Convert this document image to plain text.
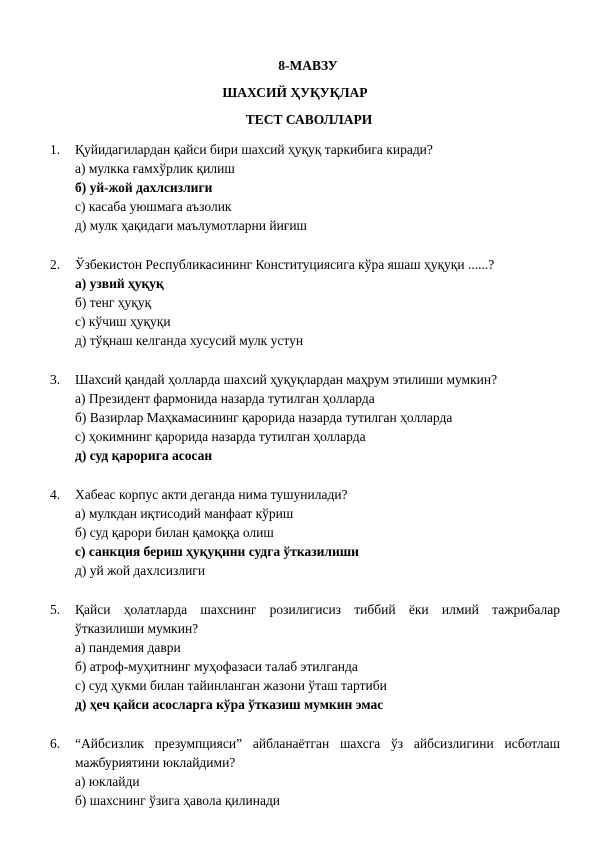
8-МАВЗУ
ШАХСИЙ ҲУҚУҚЛАР
ТЕСТ САВОЛЛАРИ
1. Қуйидагилардан қайси бири шахсий ҳуқуқ таркибига киради?
а) мулкка ғамхўрлик қилиш
б) уй-жой дахлсизлиги
с) касаба уюшмага аъзолик
д) мулк ҳақидаги маълумотларни йиғиш
2. Ўзбекистон Республикасининг Конституциясига кўра яшаш ҳуқуқи ......?
а) узвий ҳуқуқ
б) тенг ҳуқуқ
с) кўчиш ҳуқуқи
д) тўқнаш келганда хусусий мулк устун
3. Шахсий қандай ҳолларда шахсий ҳуқуқлардан маҳрум этилиши мумкин?
а) Президент фармонида назарда тутилган ҳолларда
б) Вазирлар Маҳкамасининг қарорида назарда тутилган ҳолларда
с) ҳокимнинг қарорида назарда тутилган ҳолларда
д) суд қарорига асосан
4. Хабеас корпус акти деганда нима тушунилади?
а) мулкдан иқтисодий манфаат кўриш
б) суд қарори билан қамоққа олиш
с) санкция бериш ҳуқуқини судга ўтказилиши
д) уй жой дахлсизлиги
5. Қайси ҳолатларда шахснинг розилигисиз тиббий ёки илмий тажрибалар ўтказилиши мумкин?
а) пандемия даври
б) атроф-муҳитнинг муҳофазаси талаб этилганда
с) суд ҳукми билан тайинланган жазони ўташ тартиби
д) ҳеч қайси асосларга кўра ўтказиш мумкин эмас
6. “Айбсизлик презумпцияси” айбланаётган шахсга ўз айбсизлигини исботлаш мажбуриятини юклайдими?
а) юклайди
б) шахснинг ўзига ҳавола қилинади
